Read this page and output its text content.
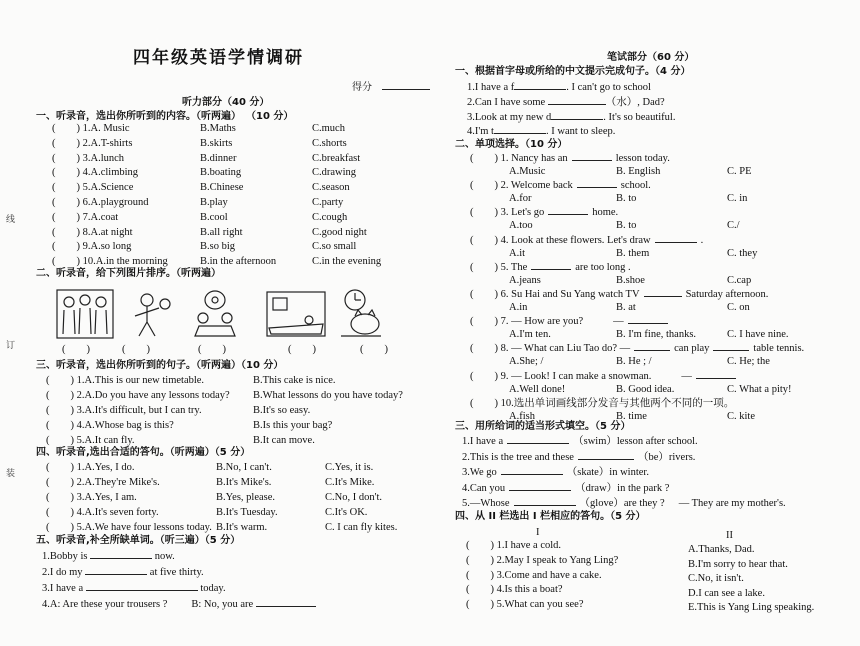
线
订
装
四年级英语学情调研
得分　
听力部分（40 分）
一、听录音，选出你所听到的内容。（听两遍） （10 分）
二、听录音，给下列图片排序。（听两遍）
三、听录音，选出你所听到的句子。（听两遍）（10 分）
四、听录音,选出合适的答句。（听两遍）（5 分）
五、听录音,补全所缺单词。（听三遍）（5 分）
1.Bobby is	now.
2.I do my	at five thirty.
3.I have a	today.
4.A: Are these your trousers ? B: No, you are
笔试部分（60 分）
一、根据首字母或所给的中文提示完成句子。（4 分）
1.I have a f	. I can't go to school
2.Can I have some	（水）, Dad?
3.Look at my new d	. It's so beautiful.
4.I'm t	. I want to sleep.
二、单项选择。（10 分）
三、用所给词的适当形式填空。（5 分）
四、从 II 栏选出 I 栏相应的答句。（5 分）
I	II
(　　) 1.A. Music	B.Maths	C.much
(　　) 2.A.T-shirts	B.skirts	C.shorts
(　　) 3.A.lunch	B.dinner	C.breakfast
(　　) 4.A.climbing	B.boating	C.drawing
(　　) 5.A.Science	B.Chinese	C.season
(　　) 6.A.playground	B.play	C.party
(　　) 7.A.coat	B.cool	C.cough
(　　) 8.A.at night	B.all right	C.good night
(　　) 9.A.so long	B.so big	C.so small
(　　) 10.A.in the morning	B.in the afternoon	C.in the evening
(　　)	(　　)	(　　)	(　　)	(　　)
(　　) 1.A.This is our new timetable.	B.This cake is nice.
(　　) 2.A.Do you have any lessons today? B.What lessons do you have today?
(　　) 3.A.It's difficult, but I can try.	B.It's so easy.
(　　) 4.A.Whose bag is this?	B.Is this your bag?
(　　) 5.A.It can fly.	B.It can move.
(　　) 1.A.Yes, I do.	B.No, I can't.	C.Yes, it is.
(　　) 2.A.They're Mike's.	B.It's Mike's.	C.It's Mike.
(　　) 3.A.Yes, I am.	B.Yes, please.	C.No, I don't.
(　　) 4.A.It's seven forty.	B.It's Tuesday.	C.It's OK.
(　　) 5.A.We have four lessons today. B.It's warm.	C. I can fly kites.
(　　) 1. Nancy has an	lesson today.
A.Music	B. English	C. PE
(　　) 2. Welcome back	school.
A.for	B. to	C. in
(　　) 3. Let's go	home.
A.too	B. to	C./
(　　) 4. Look at these flowers. Let's draw	.
A.it	B. them	C. they
(　　) 5. The	are too long .
A.jeans	B.shoe	C.cap
(　　) 6. Su Hai and Su Yang watch TV	Saturday afternoon.
A.in	B. at	C. on
(　　) 7. — How are you?	—
A.I'm ten.	B. I'm fine, thanks.	C. I have nine.
(　　) 8. — What can Liu Tao do? —	can play	table tennis.
A.She; /	B. He ; /	C. He; the
(　　) 9. — Look! I can make a snowman.	—
A.Well done!	B. Good idea.	C. What a pity!
(　　) 10.选出单词画线部分发音与其他两个不同的一项。
A.fish	B. time	C. kite
1.I have a	（swim）lesson after school.
2.This is the tree and these	（be）rivers.
3.We go	（skate）in winter.
4.Can you	（draw）in the park ?
5.—Whose	（glove）are they ? — They are my mother's.
(　　) 1.I have a cold.
(　　) 2.May I speak to Yang Ling?
(　　) 3.Come and have a cake.
(　　) 4.Is this a boat?
(　　) 5.What can you see?
A.Thanks, Dad.
B.I'm sorry to hear that.
C.No, it isn't.
D.I can see a lake.
E.This is Yang Ling speaking.
